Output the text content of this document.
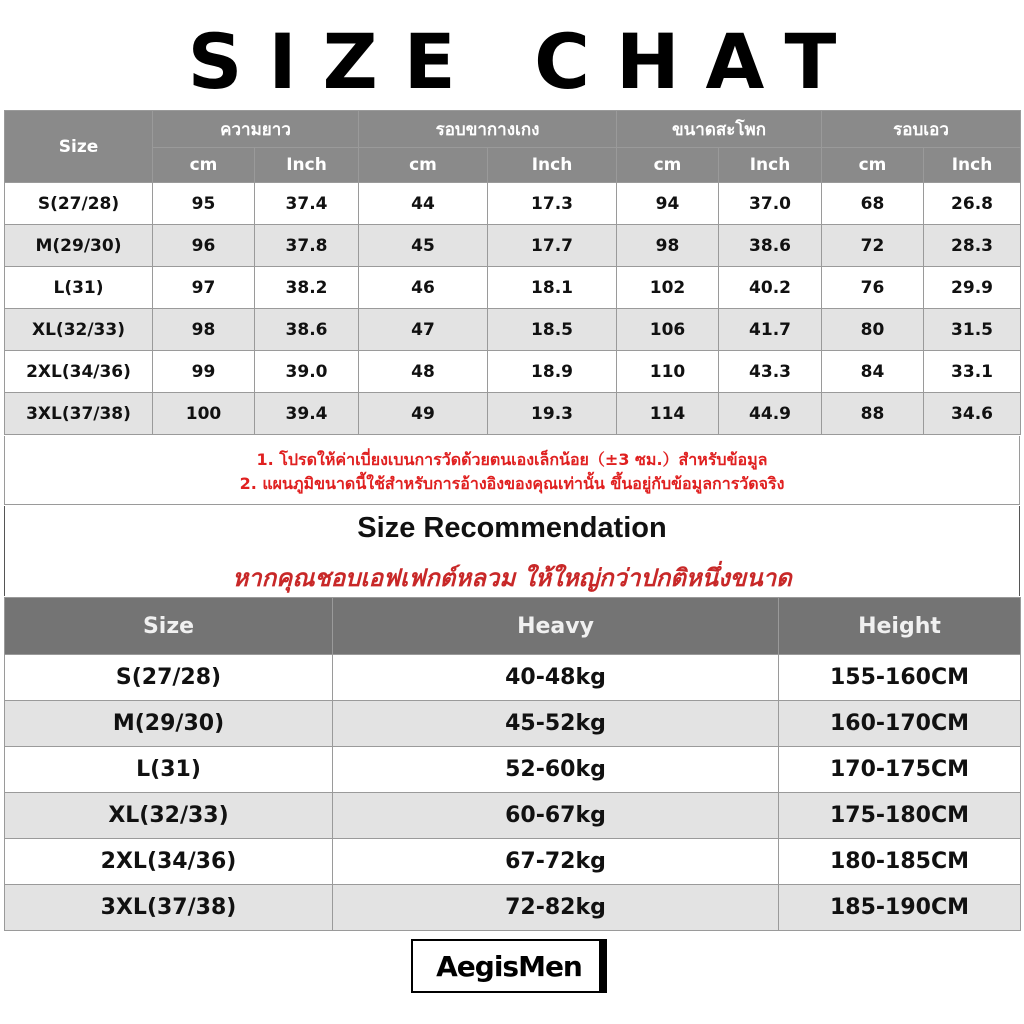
SIZE CHAT
Size	ความยาว		รอบขากางเกง		ขนาดสะโพก		รอบเอว	
	cm	Inch	cm	Inch	cm	Inch	cm	Inch
S(27/28)	95	37.4	44	17.3	94	37.0	68	26.8
M(29/30)	96	37.8	45	17.7	98	38.6	72	28.3
L(31)	97	38.2	46	18.1	102	40.2	76	29.9
XL(32/33)	98	38.6	47	18.5	106	41.7	80	31.5
2XL(34/36)	99	39.0	48	18.9	110	43.3	84	33.1
3XL(37/38)	100	39.4	49	19.3	114	44.9	88	34.6
1. โปรดให้ค่าเบี่ยงเบนการวัดด้วยตนเองเล็กน้อย（±3 ซม.）สำหรับข้อมูล
2. แผนภูมิขนาดนี้ใช้สำหรับการอ้างอิงของคุณเท่านั้น ขึ้นอยู่กับข้อมูลการวัดจริง
Size Recommendation
หากคุณชอบเอฟเฟกต์หลวม ให้ใหญ่กว่าปกติหนึ่งขนาด
Size	Heavy	Height
S(27/28)	40-48kg	155-160CM
M(29/30)	45-52kg	160-170CM
L(31)	52-60kg	170-175CM
XL(32/33)	60-67kg	175-180CM
2XL(34/36)	67-72kg	180-185CM
3XL(37/38)	72-82kg	185-190CM
AegisMen
